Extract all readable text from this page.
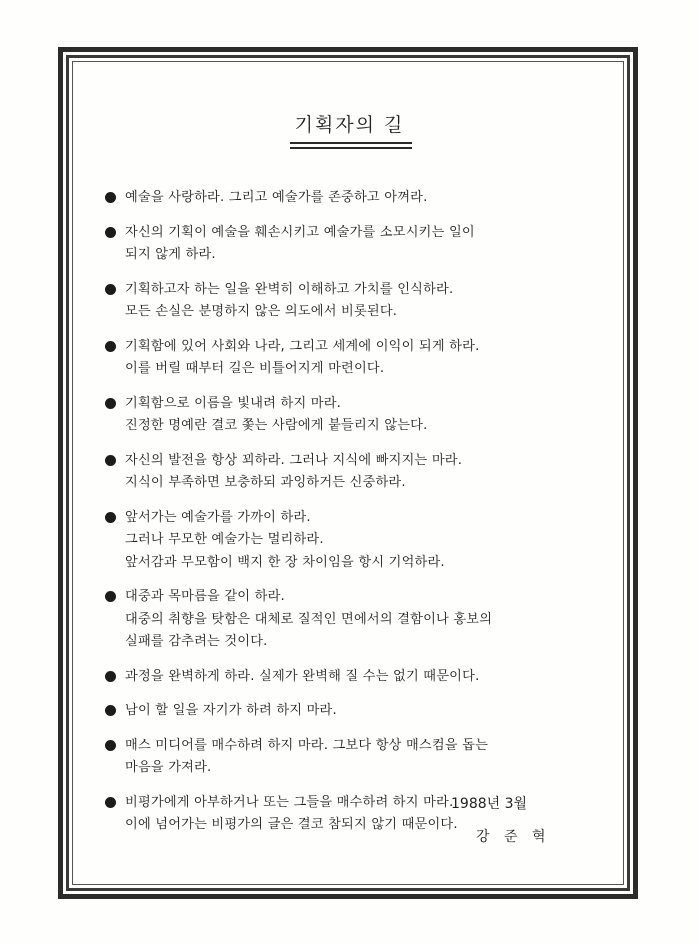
기획자의 길
예술을 사랑하라. 그리고 예술가를 존중하고 아껴라.
자신의 기획이 예술을 훼손시키고 예술가를 소모시키는 일이
되지 않게 하라.
기획하고자 하는 일을 완벽히 이해하고 가치를 인식하라.
모든 손실은 분명하지 않은 의도에서 비롯된다.
기획함에 있어 사회와 나라, 그리고 세계에 이익이 되게 하라.
이를 버릴 때부터 길은 비틀어지게 마련이다.
기획함으로 이름을 빛내려 하지 마라.
진정한 명예란 결코 쫓는 사람에게 붙들리지 않는다.
자신의 발전을 항상 꾀하라. 그러나 지식에 빠지지는 마라.
지식이 부족하면 보충하되 과잉하거든 신중하라.
앞서가는 예술가를 가까이 하라.
그러나 무모한 예술가는 멀리하라.
앞서감과 무모함이 백지 한 장 차이임을 항시 기억하라.
대중과 목마름을 같이 하라.
대중의 취향을 탓함은 대체로 질적인 면에서의 결함이나 홍보의
실패를 감추려는 것이다.
과정을 완벽하게 하라. 실제가 완벽해 질 수는 없기 때문이다.
남이 할 일을 자기가 하려 하지 마라.
매스 미디어를 매수하려 하지 마라. 그보다 항상 매스컴을 돕는
마음을 가져라.
비평가에게 아부하거나 또는 그들을 매수하려 하지 마라.
이에 넘어가는 비평가의 글은 결코 참되지 않기 때문이다.
1988년 3월
강 준 혁
